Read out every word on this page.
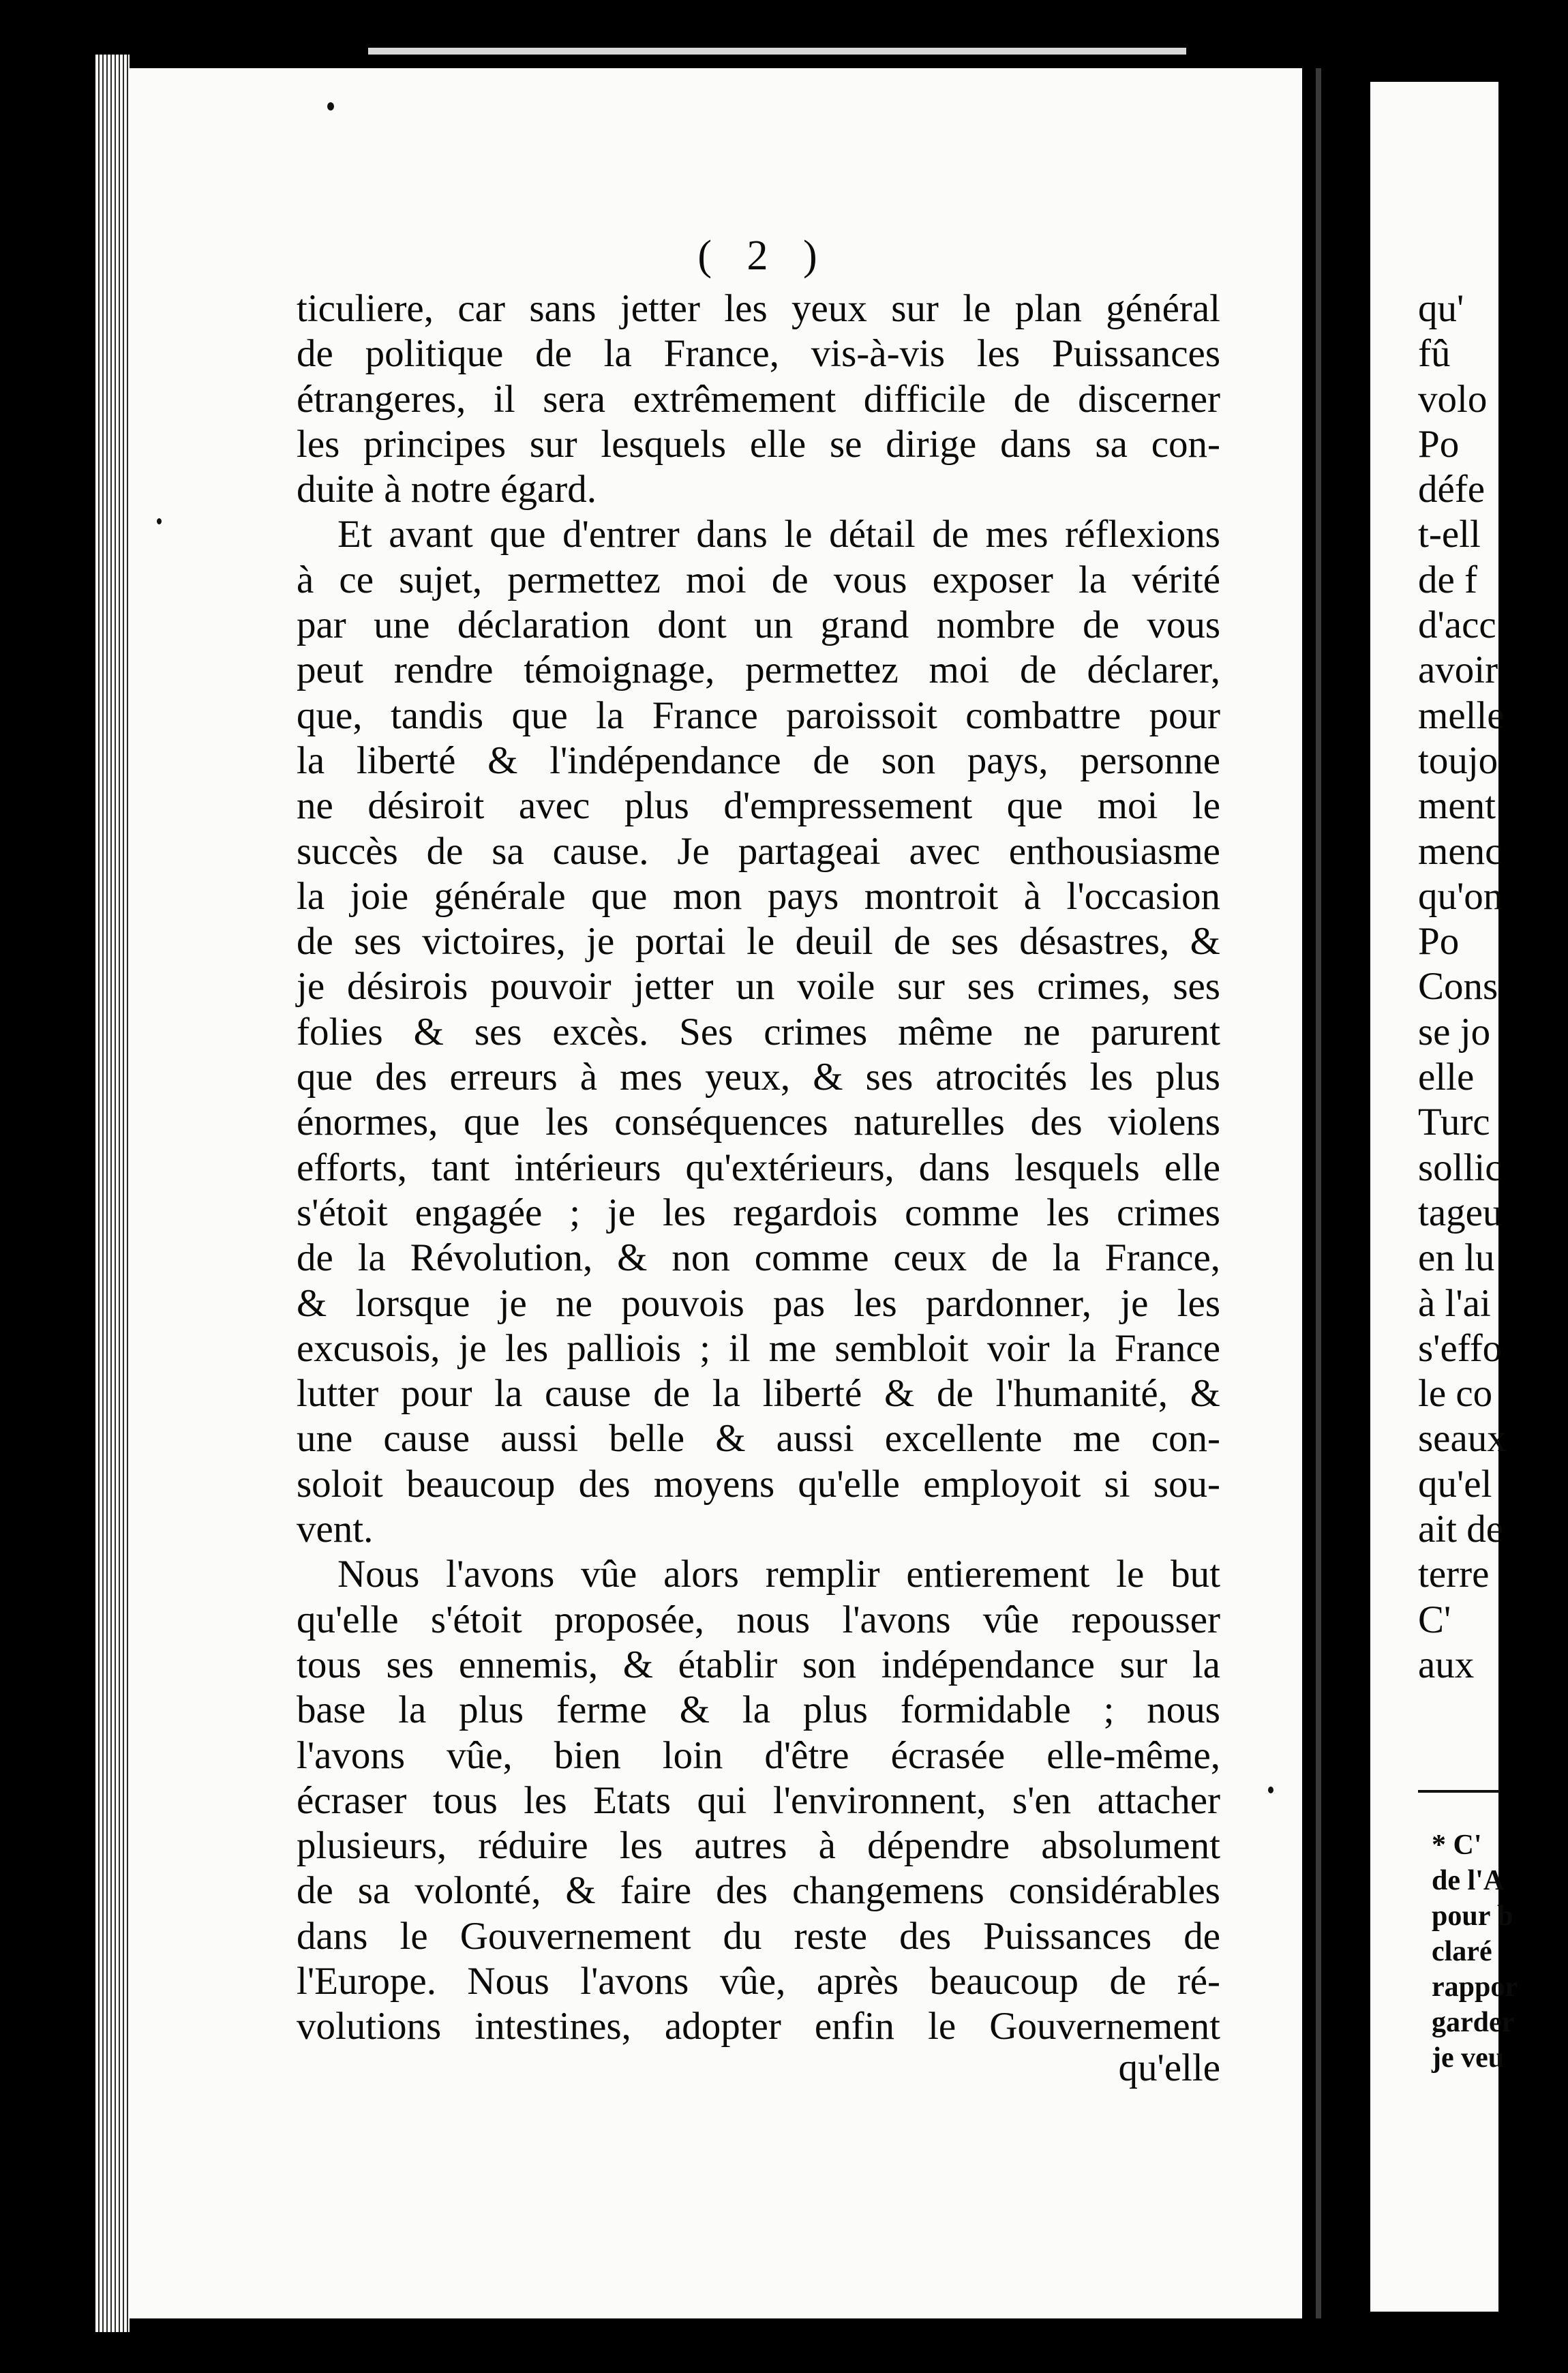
( 2 )
ticuliere, car sans jetter les yeux sur le plan général
de politique de la France, vis-à-vis les Puissances
étrangeres, il sera extrêmement difficile de discerner
les principes sur lesquels elle se dirige dans sa con-
duite à notre égard.
Et avant que d'entrer dans le détail de mes réflexions
à ce sujet, permettez moi de vous exposer la vérité
par une déclaration dont un grand nombre de vous
peut rendre témoignage, permettez moi de déclarer,
que, tandis que la France paroissoit combattre pour
la liberté & l'indépendance de son pays, personne
ne désiroit avec plus d'empressement que moi le
succès de sa cause. Je partageai avec enthousiasme
la joie générale que mon pays montroit à l'occasion
de ses victoires, je portai le deuil de ses désastres, &
je désirois pouvoir jetter un voile sur ses crimes, ses
folies & ses excès. Ses crimes même ne parurent
que des erreurs à mes yeux, & ses atrocités les plus
énormes, que les conséquences naturelles des violens
efforts, tant intérieurs qu'extérieurs, dans lesquels elle
s'étoit engagée ; je les regardois comme les crimes
de la Révolution, & non comme ceux de la France,
& lorsque je ne pouvois pas les pardonner, je les
excusois, je les palliois ; il me sembloit voir la France
lutter pour la cause de la liberté & de l'humanité, &
une cause aussi belle & aussi excellente me con-
soloit beaucoup des moyens qu'elle employoit si sou-
vent.
Nous l'avons vûe alors remplir entierement le but
qu'elle s'étoit proposée, nous l'avons vûe repousser
tous ses ennemis, & établir son indépendance sur la
base la plus ferme & la plus formidable ; nous
l'avons vûe, bien loin d'être écrasée elle-même,
écraser tous les Etats qui l'environnent, s'en attacher
plusieurs, réduire les autres à dépendre absolument
de sa volonté, & faire des changemens considérables
dans le Gouvernement du reste des Puissances de
l'Europe. Nous l'avons vûe, après beaucoup de ré-
volutions intestines, adopter enfin le Gouvernement
qu'elle
qu'
fû
volo
Po
défe
t-ell
de f
d'acc
avoir
melle
toujo
ment
menc
qu'on
Po
Cons
se jo
elle
Turc
sollic
tageu
en lu
à l'ai
s'effo
le co
seaux
qu'el
ait de
terre
C'
aux
* C'
de l'A
pour b
claré
rappor
garder
je veu
